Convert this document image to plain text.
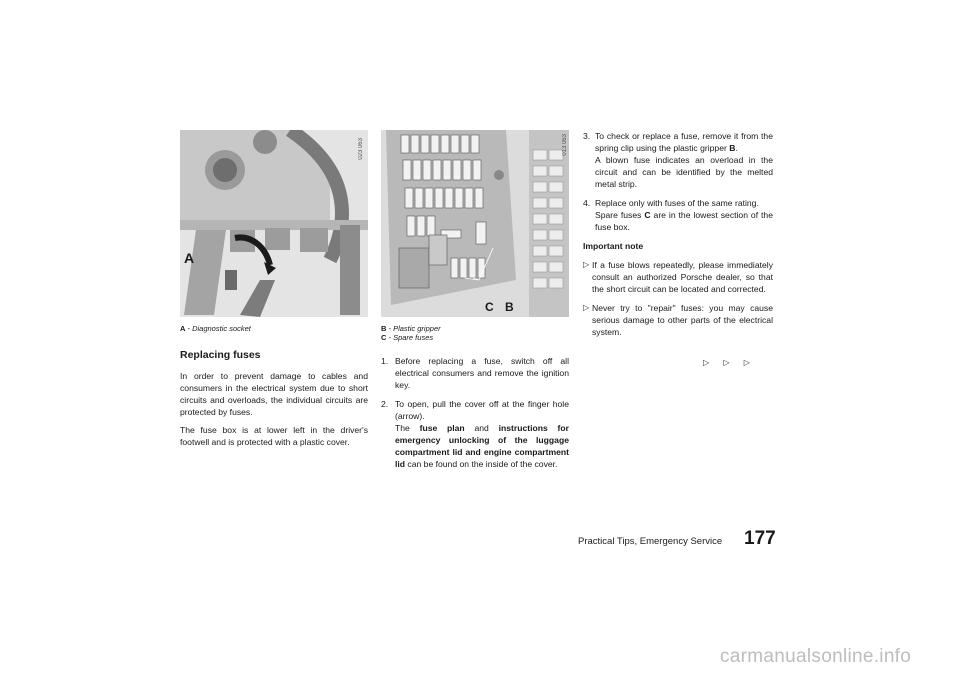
A
023 063
A - Diagnostic socket
Replacing fuses

In order to prevent damage to cables and consumers in the electrical system due to short circuits and overloads, the individual circuits are protected by fuses.

The fuse box is at lower left in the driver's footwell and is protected with a plastic cover.

C B
013 063
B - Plastic gripper
C - Spare fuses
1. Before replacing a fuse, switch off all electrical consumers and remove the ignition key.
2. To open, pull the cover off at the finger hole (arrow).
The fuse plan and instructions for emergency unlocking of the luggage compartment lid and engine compartment lid can be found on the inside of the cover.
3. To check or replace a fuse, remove it from the spring clip using the plastic gripper B.
A blown fuse indicates an overload in the circuit and can be identified by the melted metal strip.
4. Replace only with fuses of the same rating.
Spare fuses C are in the lowest section of the fuse box.
Important note
▷ If a fuse blows repeatedly, please immediately consult an authorized Porsche dealer, so that the short circuit can be located and corrected.
▷ Never try to "repair" fuses: you may cause serious damage to other parts of the electrical system.
▷ ▷ ▷
Practical Tips, Emergency Service 177
carmanualsonline.info
